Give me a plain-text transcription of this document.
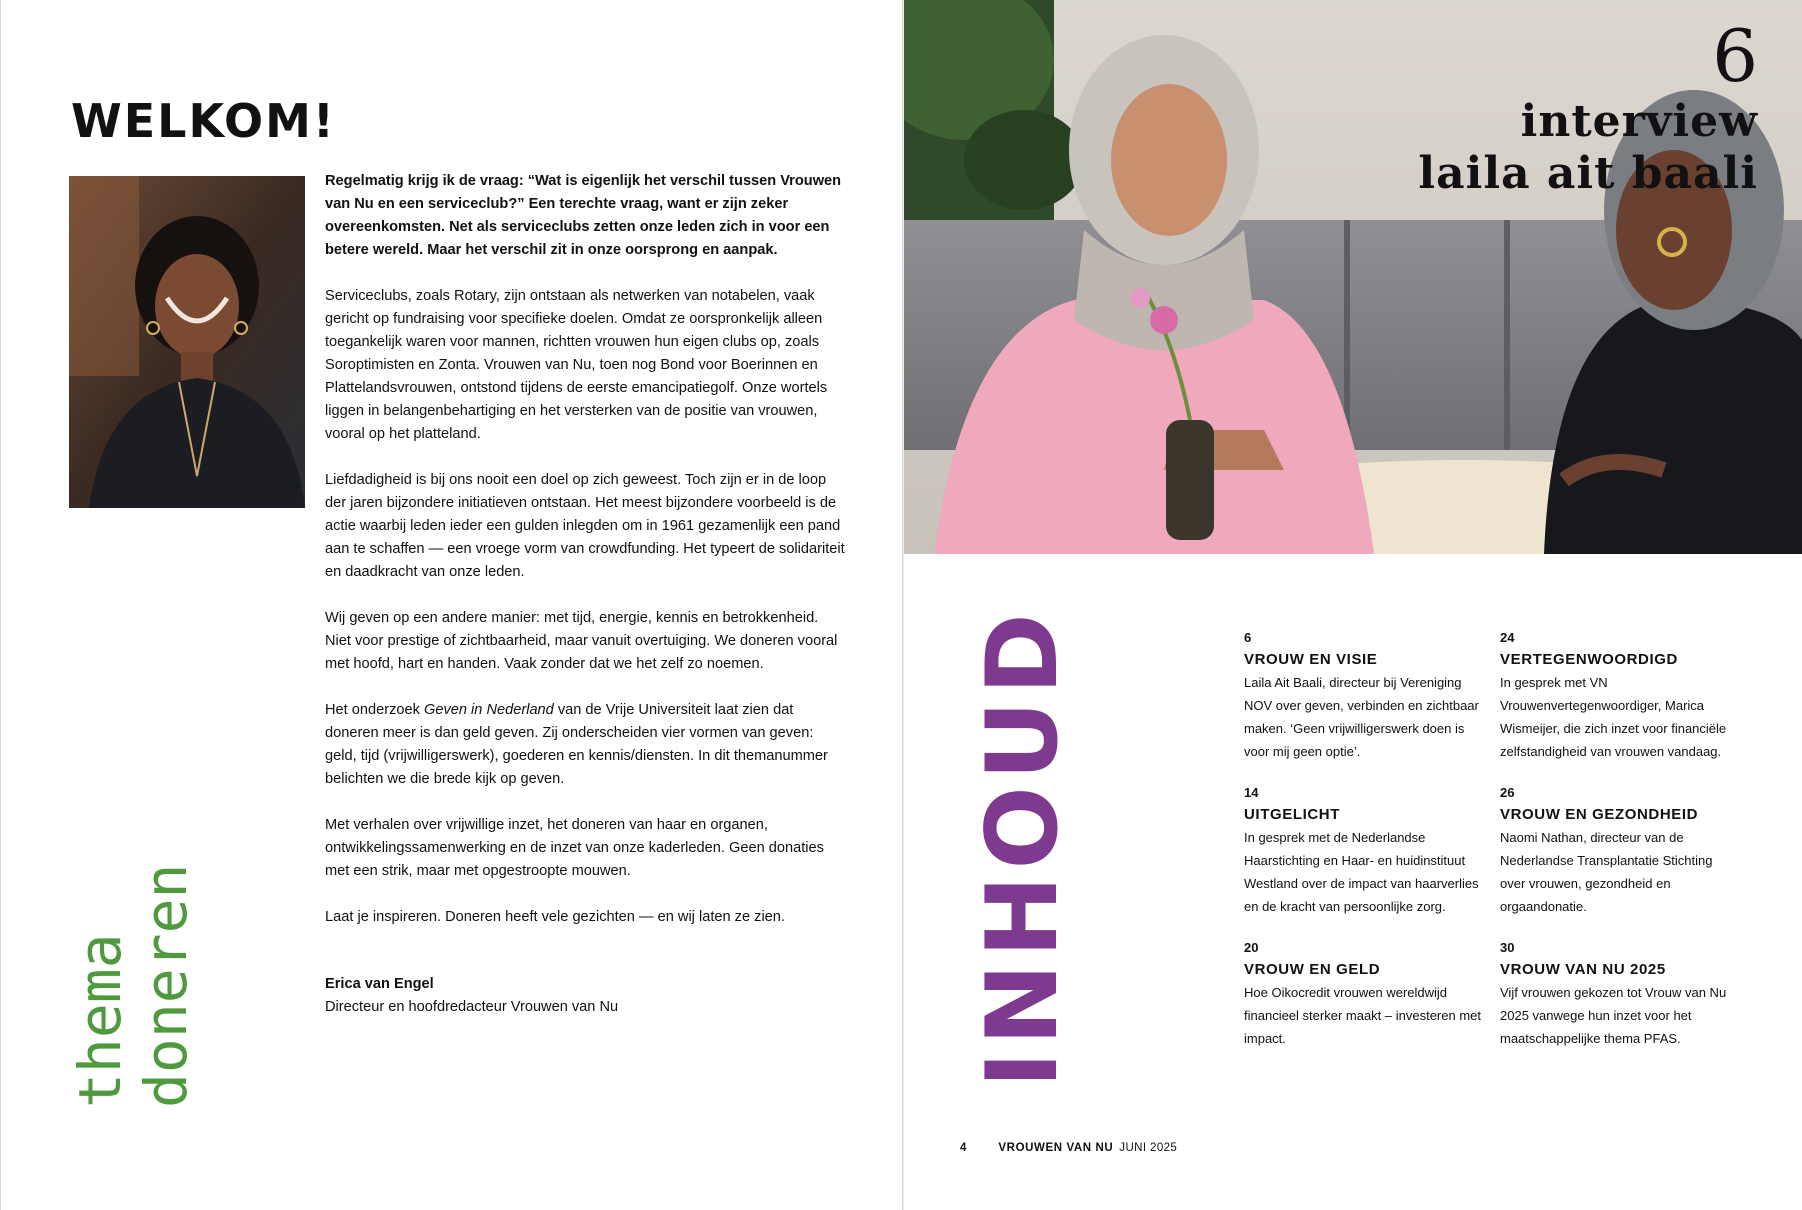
WELKOM!

Regelmatig krijg ik de vraag: “Wat is eigenlijk het verschil tussen Vrouwen van Nu en een serviceclub?” Een terechte vraag, want er zijn zeker overeenkomsten. Net als serviceclubs zetten onze leden zich in voor een betere wereld. Maar het verschil zit in onze oorsprong en aanpak.

Serviceclubs, zoals Rotary, zijn ontstaan als netwerken van notabelen, vaak gericht op fundraising voor specifieke doelen. Omdat ze oorspronkelijk alleen toegankelijk waren voor mannen, richtten vrouwen hun eigen clubs op, zoals Soroptimisten en Zonta. Vrouwen van Nu, toen nog Bond voor Boerinnen en Plattelandsvrouwen, ontstond tijdens de eerste emancipatiegolf. Onze wortels liggen in belangenbehartiging en het versterken van de positie van vrouwen, vooral op het platteland.

Liefdadigheid is bij ons nooit een doel op zich geweest. Toch zijn er in de loop der jaren bijzondere initiatieven ontstaan. Het meest bijzondere voorbeeld is de actie waarbij leden ieder een gulden inlegden om in 1961 gezamenlijk een pand aan te schaffen — een vroege vorm van crowdfunding. Het typeert de solidariteit en daadkracht van onze leden.

Wij geven op een andere manier: met tijd, energie, kennis en betrokkenheid. Niet voor prestige of zichtbaarheid, maar vanuit overtuiging. We doneren vooral met hoofd, hart en handen. Vaak zonder dat we het zelf zo noemen.

Het onderzoek Geven in Nederland van de Vrije Universiteit laat zien dat doneren meer is dan geld geven. Zij onderscheiden vier vormen van geven: geld, tijd (vrijwilligerswerk), goederen en kennis/diensten. In dit themanummer belichten we die brede kijk op geven.

Met verhalen over vrijwillige inzet, het doneren van haar en organen, ontwikkelingssamenwerking en de inzet van onze kaderleden. Geen donaties met een strik, maar met opgestroopte mouwen.

Laat je inspireren. Doneren heeft vele gezichten — en wij laten ze zien.

Erica van Engel
Directeur en hoofdredacteur Vrouwen van Nu
thema
doneren
6
interview
laila ait baali
INHOUD	6
VROUW EN VISIE
Laila Ait Baali, directeur bij Vereniging NOV over geven, verbinden en zichtbaar maken. ‘Geen vrijwilligerswerk doen is voor mij geen optie’.
24
VERTEGENWOORDIGD
In gesprek met VN Vrouwenvertegenwoordiger, Marica Wismeijer, die zich inzet voor financiële zelfstandigheid van vrouwen vandaag.
14
UITGELICHT
In gesprek met de Nederlandse Haarstichting en Haar- en huidinstituut Westland over de impact van haarverlies en de kracht van persoonlijke zorg.
26
VROUW EN GEZONDHEID
Naomi Nathan, directeur van de Nederlandse Transplantatie Stichting over vrouwen, gezondheid en orgaandonatie.
20
VROUW EN GELD
Hoe Oikocredit vrouwen wereldwijd financieel sterker maakt – investeren met impact.
30
VROUW VAN NU 2025
Vijf vrouwen gekozen tot Vrouw van Nu 2025 vanwege hun inzet voor het maatschappelijke thema PFAS.
4	VROUWEN VAN NU JUNI 2025
